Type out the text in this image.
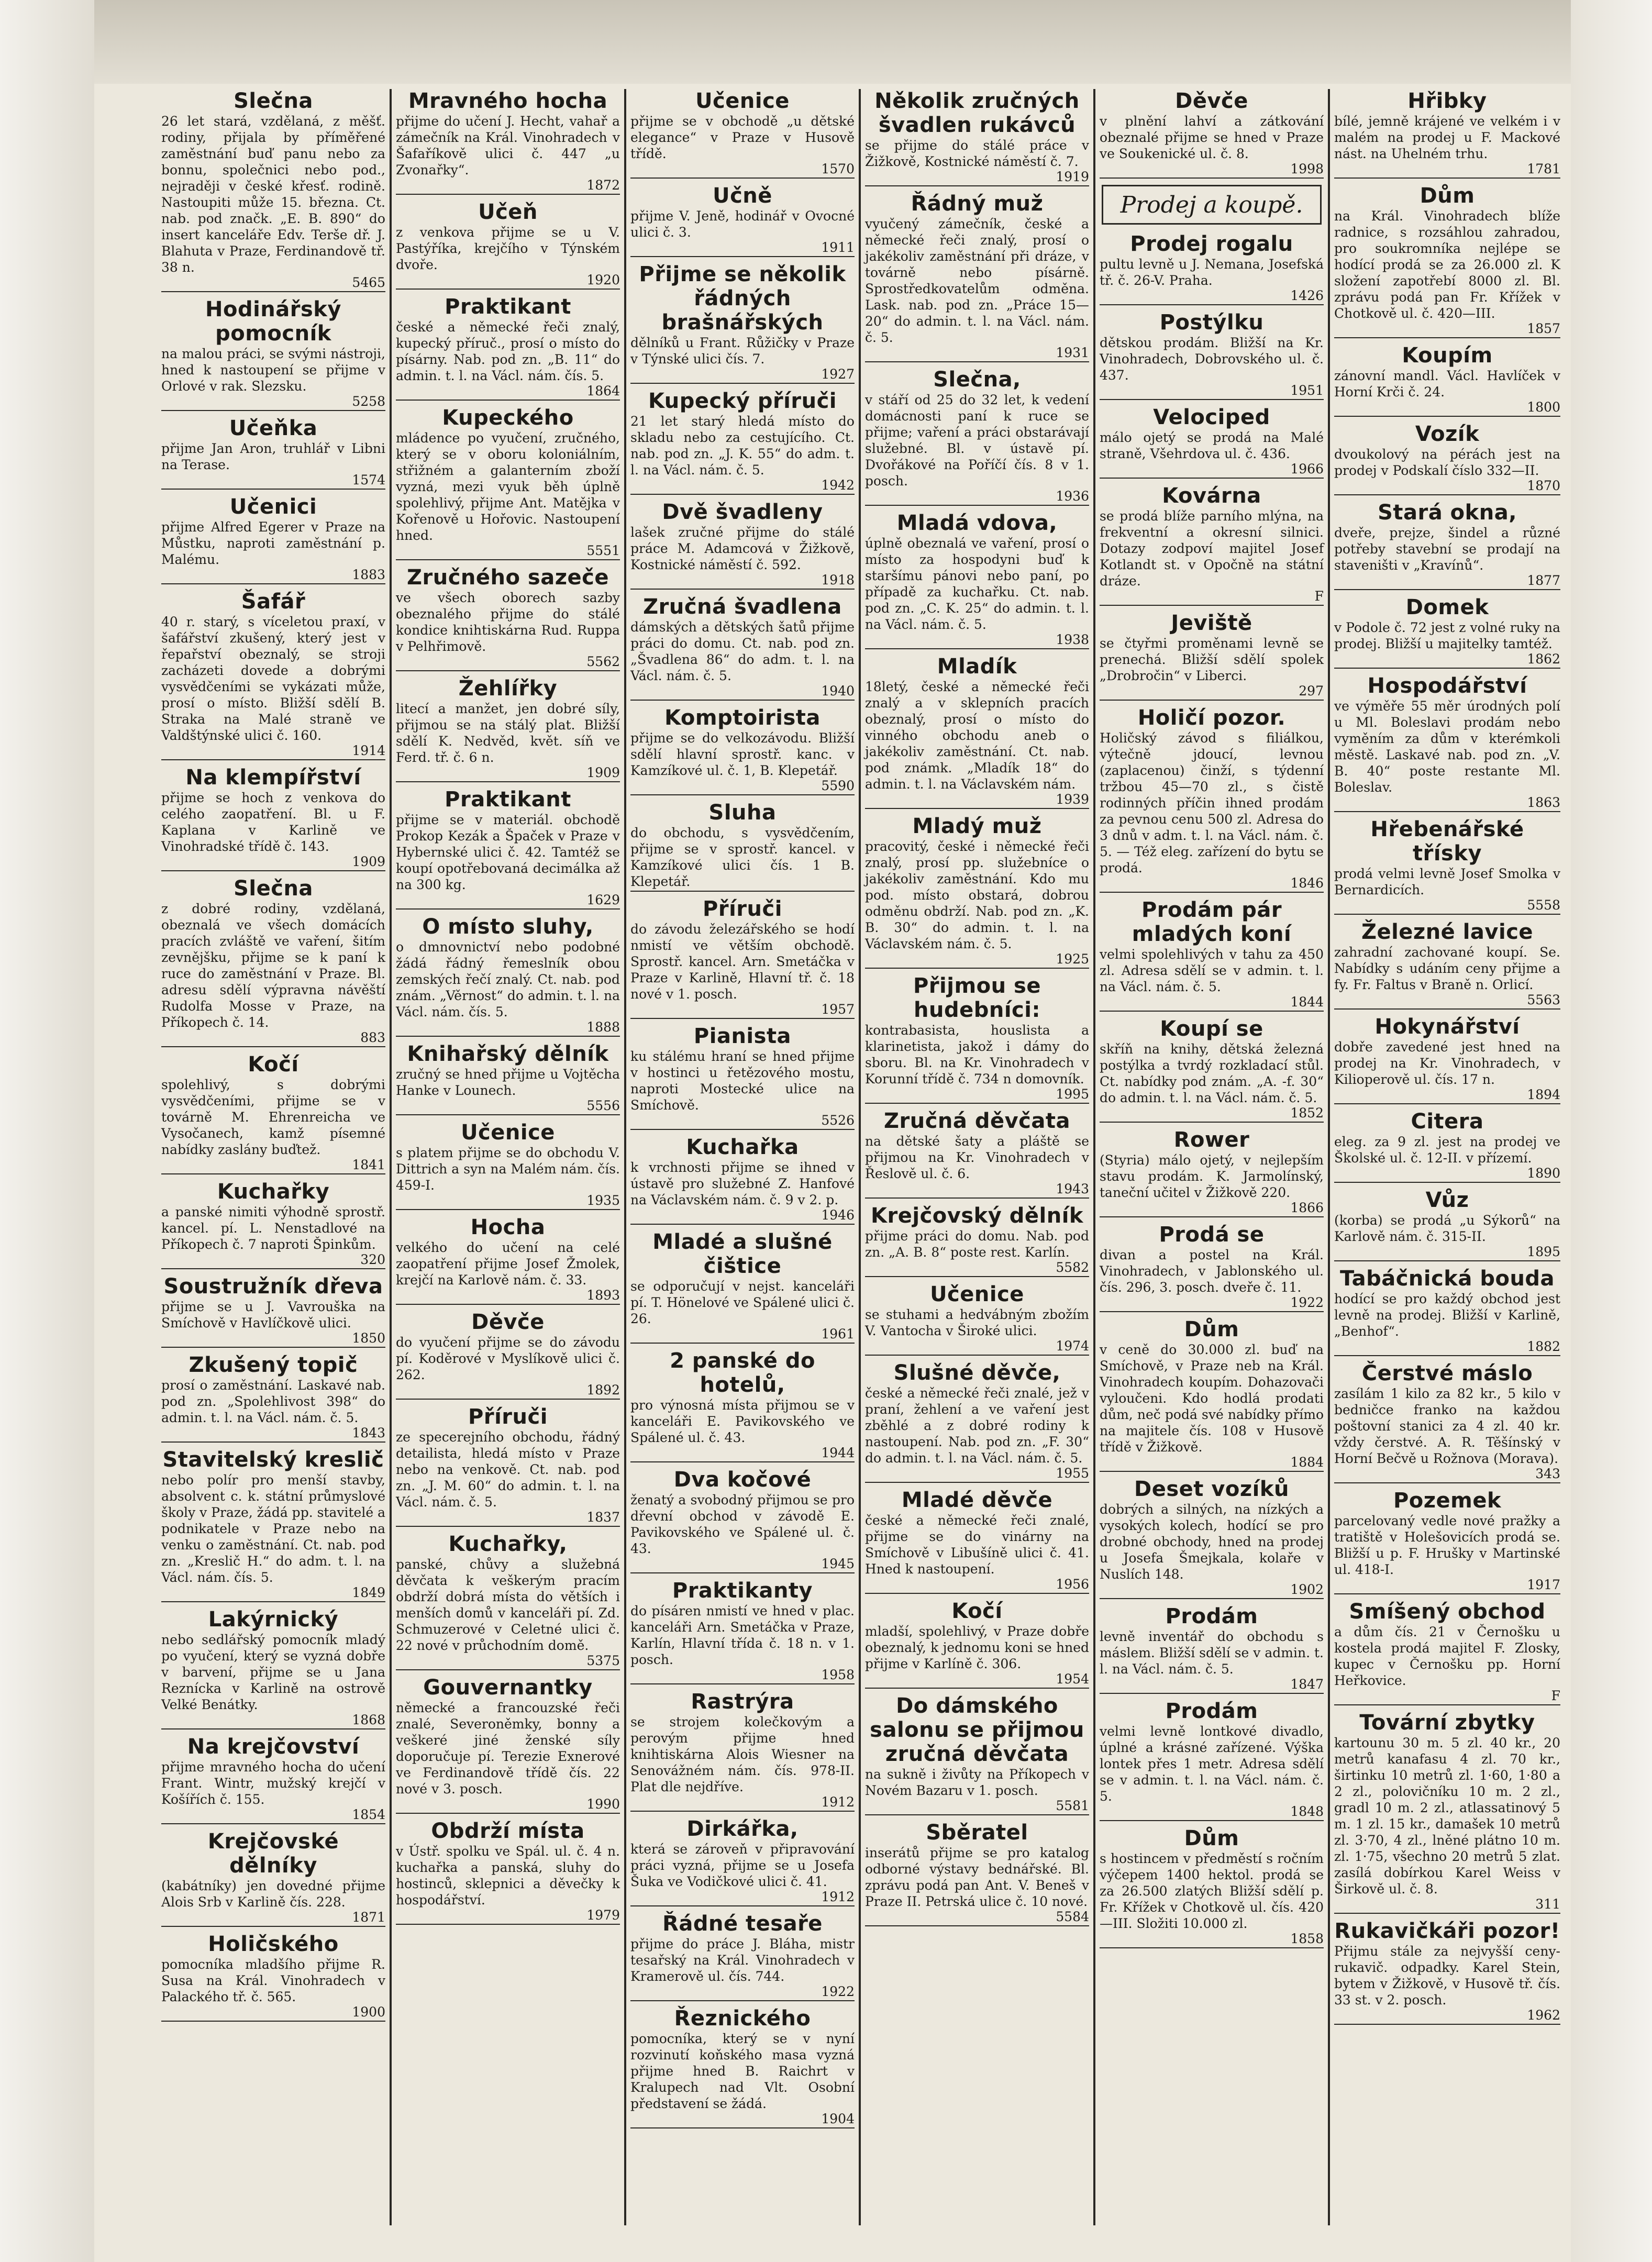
Slečna

26 let stará, vzdělaná, z měšť. rodiny, přijala by příměřené zaměstnání buď panu nebo za bonnu, společnici nebo pod., nejraději v české křesť. rodině. Nastoupiti může 15. března. Ct. nab. pod značk. „E. B. 890“ do insert kanceláře Edv. Terše dř. J. Blahuta v Praze, Ferdinandově tř. 38 n.

5465
Hodinářský pomocník

na malou práci, se svými nástroji, hned k nastoupení se přijme v Orlové v rak. Slezsku.

5258
Učeňka

přijme Jan Aron, truhlář v Libni na Terase.

1574
Učenici

přijme Alfred Egerer v Praze na Můstku, naproti zaměstnání p. Malému.

1883
Šafář

40 r. starý, s víceletou praxí, v šafářství zkušený, který jest v řepařství obeznalý, se stroji zacházeti dovede a dobrými vysvědčeními se vykázati může, prosí o místo. Bližší sdělí B. Straka na Malé straně ve Valdštýnské ulici č. 160.

1914
Na klempířství

přijme se hoch z venkova do celého zaopatření. Bl. u F. Kaplana v Karlině ve Vinohradské třídě č. 143.

1909
Slečna

z dobré rodiny, vzdělaná, obeznalá ve všech domácích pracích zvláště ve vaření, šitím zevnějšku, přijme se k paní k ruce do zaměstnání v Praze. Bl. adresu sdělí výpravna návěští Rudolfa Mosse v Praze, na Příkopech č. 14.

883
Kočí

spolehlivý, s dobrými vysvědčeními, přijme se v továrně M. Ehrenreicha ve Vysočanech, kamž písemné nabídky zaslány buďtež.

1841
Kuchařky

a panské nimiti výhodně sprostř. kancel. pí. L. Nenstadlové na Příkopech č. 7 naproti Špinkům.

320
Soustružník dřeva

přijme se u J. Vavrouška na Smíchově v Havlíčkově ulici.

1850
Zkušený topič

prosí o zaměstnání. Laskavé nab. pod zn. „Spolehlivost 398“ do admin. t. l. na Václ. nám. č. 5.

1843
Stavitelský kreslič

nebo polír pro menší stavby, absolvent c. k. státní průmyslové školy v Praze, žádá pp. stavitelé a podnikatele v Praze nebo na venku o zaměstnání. Ct. nab. pod zn. „Kreslič H.“ do adm. t. l. na Václ. nám. čís. 5.

1849
Lakýrnický

nebo sedlářský pomocník mladý po vyučení, který se vyzná dobře v barvení, přijme se u Jana Reznícka v Karlině na ostrově Velké Benátky.

1868
Na krejčovství

přijme mravného hocha do učení Frant. Wintr, mužský krejčí v Košířích č. 155.

1854
Krejčovské dělníky

(kabátníky) jen dovedné přijme Alois Srb v Karlině čís. 228.

1871
Holičského

pomocníka mladšího přijme R. Susa na Král. Vinohradech v Palackého tř. č. 565.

1900
Mravného hocha

přijme do učení J. Hecht, vahař a zámečník na Král. Vinohradech v Šafaříkově ulici č. 447 „u Zvonařky“.

1872
Učeň

z venkova přijme se u V. Pastýříka, krejčího v Týnském dvoře.

1920
Praktikant

české a německé řeči znalý, kupecký příruč., prosí o místo do písárny. Nab. pod zn. „B. 11“ do admin. t. l. na Václ. nám. čís. 5.

1864
Kupeckého

mládence po vyučení, zručného, který se v oboru koloniálním, střižném a galanterním zboží vyzná, mezi vyuk běh úplně spolehlivý, přijme Ant. Matějka v Kořenově u Hořovic. Nastoupení hned.

5551
Zručného sazeče

ve všech oborech sazby obeznalého přijme do stálé kondice knihtiskárna Rud. Ruppa v Pelhřimově.

5562
Žehlířky

litecí a manžet, jen dobré síly, přijmou se na stálý plat. Bližší sdělí K. Nedvěd, květ. síň ve Ferd. tř. č. 6 n.

1909
Praktikant

přijme se v materiál. obchodě Prokop Kezák a Špaček v Praze v Hybernské ulici č. 42. Tamtéž se koupí opotřebovaná decimálka až na 300 kg.

1629
O místo sluhy,

o dmnovnictví nebo podobné žádá řádný řemeslník obou zemských řečí znalý. Ct. nab. pod znám. „Věrnost“ do admin. t. l. na Václ. nám. čís. 5.

1888
Knihařský dělník

zručný se hned přijme u Vojtěcha Hanke v Lounech.

5556
Učenice

s platem přijme se do obchodu V. Dittrich a syn na Malém nám. čís. 459-I.

1935
Hocha

velkého do učení na celé zaopatření přijme Josef Žmolek, krejčí na Karlově nám. č. 33.

1893
Děvče

do vyučení přijme se do závodu pí. Koděrové v Myslíkově ulici č. 262.

1892
Příruči

ze specerejního obchodu, řádný detailista, hledá místo v Praze nebo na venkově. Ct. nab. pod zn. „J. M. 60“ do admin. t. l. na Václ. nám. č. 5.

1837
Kuchařky,

panské, chůvy a služebná děvčata k veškerým pracím obdrží dobrá místa do větších i menších domů v kanceláři pí. Zd. Schmuzerové v Celetné ulici č. 22 nové v průchodním domě.

5375
Gouvernantky

německé a francouzské řeči znalé, Severoněmky, bonny a veškeré jiné ženské síly doporučuje pí. Terezie Exnerové ve Ferdinandově třídě čís. 22 nové v 3. posch.

1990
Obdrží místa

v Ústř. spolku ve Spál. ul. č. 4 n. kuchařka a panská, sluhy do hostinců, sklepnici a děvečky k hospodářství.

1979
Učenice

přijme se v obchodě „u dětské elegance“ v Praze v Husově třídě.

1570
Učně

přijme V. Jeně, hodinář v Ovocné ulici č. 3.

1911
Přijme se několik řádných brašnářských

dělníků u Frant. Růžičky v Praze v Týnské ulici čís. 7.

1927
Kupecký příruči

21 let starý hledá místo do skladu nebo za cestujícího. Ct. nab. pod zn. „J. K. 55“ do adm. t. l. na Václ. nám. č. 5.

1942
Dvě švadleny

lašek zručné přijme do stálé práce M. Adamcová v Žižkově, Kostnické náměstí č. 592.

1918
Zručná švadlena

dámských a dětských šatů přijme práci do domu. Ct. nab. pod zn. „Švadlena 86“ do adm. t. l. na Václ. nám. č. 5.

1940
Komptoirista

přijme se do velkozávodu. Bližší sdělí hlavní sprostř. kanc. v Kamzíkové ul. č. 1, B. Klepetář.

5590
Sluha

do obchodu, s vysvědčením, přijme se v sprostř. kancel. v Kamzíkové ulici čís. 1 B. Klepetář.

Příruči

do závodu železářského se hodí nmistí ve větším obchodě. Sprostř. kancel. Arn. Smetáčka v Praze v Karlině, Hlavní tř. č. 18 nové v 1. posch.

1957
Pianista

ku stálému hraní se hned přijme v hostinci u řetězového mostu, naproti Mostecké ulice na Smíchově.

5526
Kuchařka

k vrchnosti přijme se ihned v ústavě pro služebné Z. Hanfové na Václavském nám. č. 9 v 2. p.

1946
Mladé a slušné čištice

se odporučují v nejst. kanceláři pí. T. Hönelové ve Spálené ulici č. 26.

1961
2 panské do hotelů,

pro výnosná místa přijmou se v kanceláři E. Pavikovského ve Spálené ul. č. 43.

1944
Dva kočové

ženatý a svobodný přijmou se pro dřevní obchod v závodě E. Pavikovského ve Spálené ul. č. 43.

1945
Praktikanty

do písáren nmistí ve hned v plac. kanceláři Arn. Smetáčka v Praze, Karlín, Hlavní třída č. 18 n. v 1. posch.

1958
Rastrýra

se strojem kolečkovým a perovým přijme hned knihtiskárna Alois Wiesner na Senovážném nám. čís. 978-II. Plat dle nejdříve.

1912
Dirkářka,

která se zároveň v připravování práci vyzná, přijme se u Josefa Šuka ve Vodičkové ulici č. 41.

1912
Řádné tesaře

přijme do práce J. Bláha, mistr tesařský na Král. Vinohradech v Kramerově ul. čís. 744.

1922
Řeznického

pomocníka, který se v nyní rozvinutí koňského masa vyzná přijme hned B. Raichrt v Kralupech nad Vlt. Osobní představení se žádá.

1904
Několik zručných švadlen rukávců

se přijme do stálé práce v Žižkově, Kostnické náměstí č. 7.

1919
Řádný muž

vyučený zámečník, české a německé řeči znalý, prosí o jakékoliv zaměstnání při dráze, v továrně nebo písárně. Sprostředkovatelům odměna. Lask. nab. pod zn. „Práce 15—20“ do admin. t. l. na Václ. nám. č. 5.

1931
Slečna,

v stáří od 25 do 32 let, k vedení domácnosti paní k ruce se přijme; vaření a práci obstarávají služebné. Bl. v ústavě pí. Dvořákové na Poříčí čís. 8 v 1. posch.

1936
Mladá vdova,

úplně obeznalá ve vaření, prosí o místo za hospodyni buď k staršímu pánovi nebo paní, po případě za kuchařku. Ct. nab. pod zn. „C. K. 25“ do admin. t. l. na Václ. nám. č. 5.

1938
Mladík

18letý, české a německé řeči znalý a v sklepních pracích obeznalý, prosí o místo do vinného obchodu aneb o jakékoliv zaměstnání. Ct. nab. pod známk. „Mladík 18“ do admin. t. l. na Václavském nám.

1939
Mladý muž

pracovitý, české i německé řeči znalý, prosí pp. služebníce o jakékoliv zaměstnání. Kdo mu pod. místo obstará, dobrou odměnu obdrží. Nab. pod zn. „K. B. 30“ do admin. t. l. na Václavském nám. č. 5.

1925
Přijmou se hudebníci:

kontrabasista, houslista a klarinetista, jakož i dámy do sboru. Bl. na Kr. Vinohradech v Korunní třídě č. 734 n domovník.

1995
Zručná děvčata

na dětské šaty a pláště se přijmou na Kr. Vinohradech v Řeslově ul. č. 6.

1943
Krejčovský dělník

přijme práci do domu. Nab. pod zn. „A. B. 8“ poste rest. Karlín.

5582
Učenice

se stuhami a hedvábným zbožím V. Vantocha v Široké ulici.

1974
Slušné děvče,

české a německé řeči znalé, jež v praní, žehlení a ve vaření jest zběhlé a z dobré rodiny k nastoupení. Nab. pod zn. „F. 30“ do admin. t. l. na Václ. nám. č. 5.

1955
Mladé děvče

české a německé řeči znalé, přijme se do vinárny na Smíchově v Libušíně ulici č. 41. Hned k nastoupení.

1956
Kočí

mladší, spolehlivý, v Praze dobře obeznalý, k jednomu koni se hned přijme v Karlíně č. 306.

1954
Do dámského salonu se přijmou zručná děvčata

na sukně i živůty na Příkopech v Novém Bazaru v 1. posch.

5581
Sběratel

inserátů přijme se pro katalog odborné výstavy bednářské. Bl. zprávu podá pan Ant. V. Beneš v Praze II. Petrská ulice č. 10 nové.

5584
Děvče

v plnění lahví a zátkování obeznalé přijme se hned v Praze ve Soukenické ul. č. 8.

1998
Prodej a koupě.
Prodej rogalu

pultu levně u J. Nemana, Josefská tř. č. 26-V. Praha.

1426
Postýlku

dětskou prodám. Bližší na Kr. Vinohradech, Dobrovského ul. č. 437.

1951
Velociped

málo ojetý se prodá na Malé straně, Všehrdova ul. č. 436.

1966
Kovárna

se prodá blíže parního mlýna, na frekventní a okresní silnici. Dotazy zodpoví majitel Josef Kotlandt st. v Opočně na státní dráze.

F
Jeviště

se čtyřmi proměnami levně se prenechá. Bližší sdělí spolek „Drobročin“ v Liberci.

297
Holičí pozor.

Holičský závod s filiálkou, výtečně jdoucí, levnou (zaplacenou) činží, s týdenní tržbou 45—70 zl., s čistě rodinných příčin ihned prodám za pevnou cenu 500 zl. Adresa do 3 dnů v adm. t. l. na Václ. nám. č. 5. — Též eleg. zařízení do bytu se prodá.

1846
Prodám pár mladých koní

velmi spolehlivých v tahu za 450 zl. Adresa sdělí se v admin. t. l. na Václ. nám. č. 5.

1844
Koupí se

skříň na knihy, dětská železná postýlka a tvrdý rozkladací stůl. Ct. nabídky pod znám. „A. -f. 30“ do admin. t. l. na Václ. nám. č. 5.

1852
Rower

(Styria) málo ojetý, v nejlepším stavu prodám. K. Jarmolínský, taneční učitel v Žižkově 220.

1866
Prodá se

divan a postel na Král. Vinohradech, v Jablonského ul. čís. 296, 3. posch. dveře č. 11.

1922
Dům

v ceně do 30.000 zl. buď na Smíchově, v Praze neb na Král. Vinohradech koupím. Dohazovači vyloučeni. Kdo hodlá prodati dům, neč podá své nabídky přímo na majitele čís. 108 v Husově třídě v Žižkově.

1884
Deset vozíků

dobrých a silných, na nízkých a vysokých kolech, hodící se pro drobné obchody, hned na prodej u Josefa Šmejkala, kolaře v Nuslích 148.

1902
Prodám

levně inventář do obchodu s máslem. Bližší sdělí se v admin. t. l. na Václ. nám. č. 5.

1847
Prodám

velmi levně lontkové divadlo, úplné a krásné zařízené. Výška lontek přes 1 metr. Adresa sdělí se v admin. t. l. na Václ. nám. č. 5.

1848
Dům

s hostincem v předměstí s ročním výčepem 1400 hektol. prodá se za 26.500 zlatých Bližší sdělí p. Fr. Křížek v Chotkově ul. čís. 420—III. Složiti 10.000 zl.

1858
Hřibky

bílé, jemně krájené ve velkém i v malém na prodej u F. Mackové nást. na Uhelném trhu.

1781
Dům

na Král. Vinohradech blíže radnice, s rozsáhlou zahradou, pro soukromníka nejlépe se hodící prodá se za 26.000 zl. K složení zapotřebí 8000 zl. Bl. zprávu podá pan Fr. Křížek v Chotkově ul. č. 420—III.

1857
Koupím

zánovní mandl. Václ. Havlíček v Horní Krči č. 24.

1800
Vozík

dvoukolový na pérách jest na prodej v Podskalí číslo 332—II.

1870
Stará okna,

dveře, prejze, šindel a různé potřeby stavební se prodají na staveništi v „Kravínů“.

1877
Domek

v Podole č. 72 jest z volné ruky na prodej. Bližší u majitelky tamtéž.

1862
Hospodářství

ve výměře 55 měr úrodných polí u Ml. Boleslavi prodám nebo vyměním za dům v kterémkoli městě. Laskavé nab. pod zn. „V. B. 40“ poste restante Ml. Boleslav.

1863
Hřebenářské třísky

prodá velmi levně Josef Smolka v Bernardicích.

5558
Železné lavice

zahradní zachované koupí. Se. Nabídky s udáním ceny přijme a fy. Fr. Faltus v Braně n. Orlicí.

5563
Hokynářství

dobře zavedené jest hned na prodej na Kr. Vinohradech, v Kilioperově ul. čís. 17 n.

1894
Citera

eleg. za 9 zl. jest na prodej ve Školské ul. č. 12-II. v přízemí.

1890
Vůz

(korba) se prodá „u Sýkorů“ na Karlově nám. č. 315-II.

1895
Tabáčnická bouda

hodící se pro každý obchod jest levně na prodej. Bližší v Karlině, „Benhof“.

1882
Čerstvé máslo

zasílám 1 kilo za 82 kr., 5 kilo v bedničce franko na každou poštovní stanici za 4 zl. 40 kr. vždy čerstvé. A. R. Těšínský v Horní Bečvě u Rožnova (Morava).

343
Pozemek

parcelovaný vedle nové pražky a tratiště v Holešovicích prodá se. Bližší u p. F. Hrušky v Martinské ul. 418-I.

1917
Smíšený obchod

a dům čís. 21 v Černošku u kostela prodá majitel F. Zlosky, kupec v Černošku pp. Horní Heřkovice.

F
Tovární zbytky

kartounu 30 m. 5 zl. 40 kr., 20 metrů kanafasu 4 zl. 70 kr., širtinku 10 metrů zl. 1·60, 1·80 a 2 zl., polovičníku 10 m. 2 zl., gradl 10 m. 2 zl., atlassatinový 5 m. 1 zl. 15 kr., damašek 10 metrů zl. 3·70, 4 zl., lněné plátno 10 m. zl. 1·75, všechno 20 metrů 5 zlat. zasílá dobírkou Karel Weiss v Širkově ul. č. 8.

311
Rukavičkáři pozor!

Přijmu stále za nejvyšší ceny-rukavič. odpadky. Karel Stein, bytem v Žižkově, v Husově tř. čís. 33 st. v 2. posch.

1962
